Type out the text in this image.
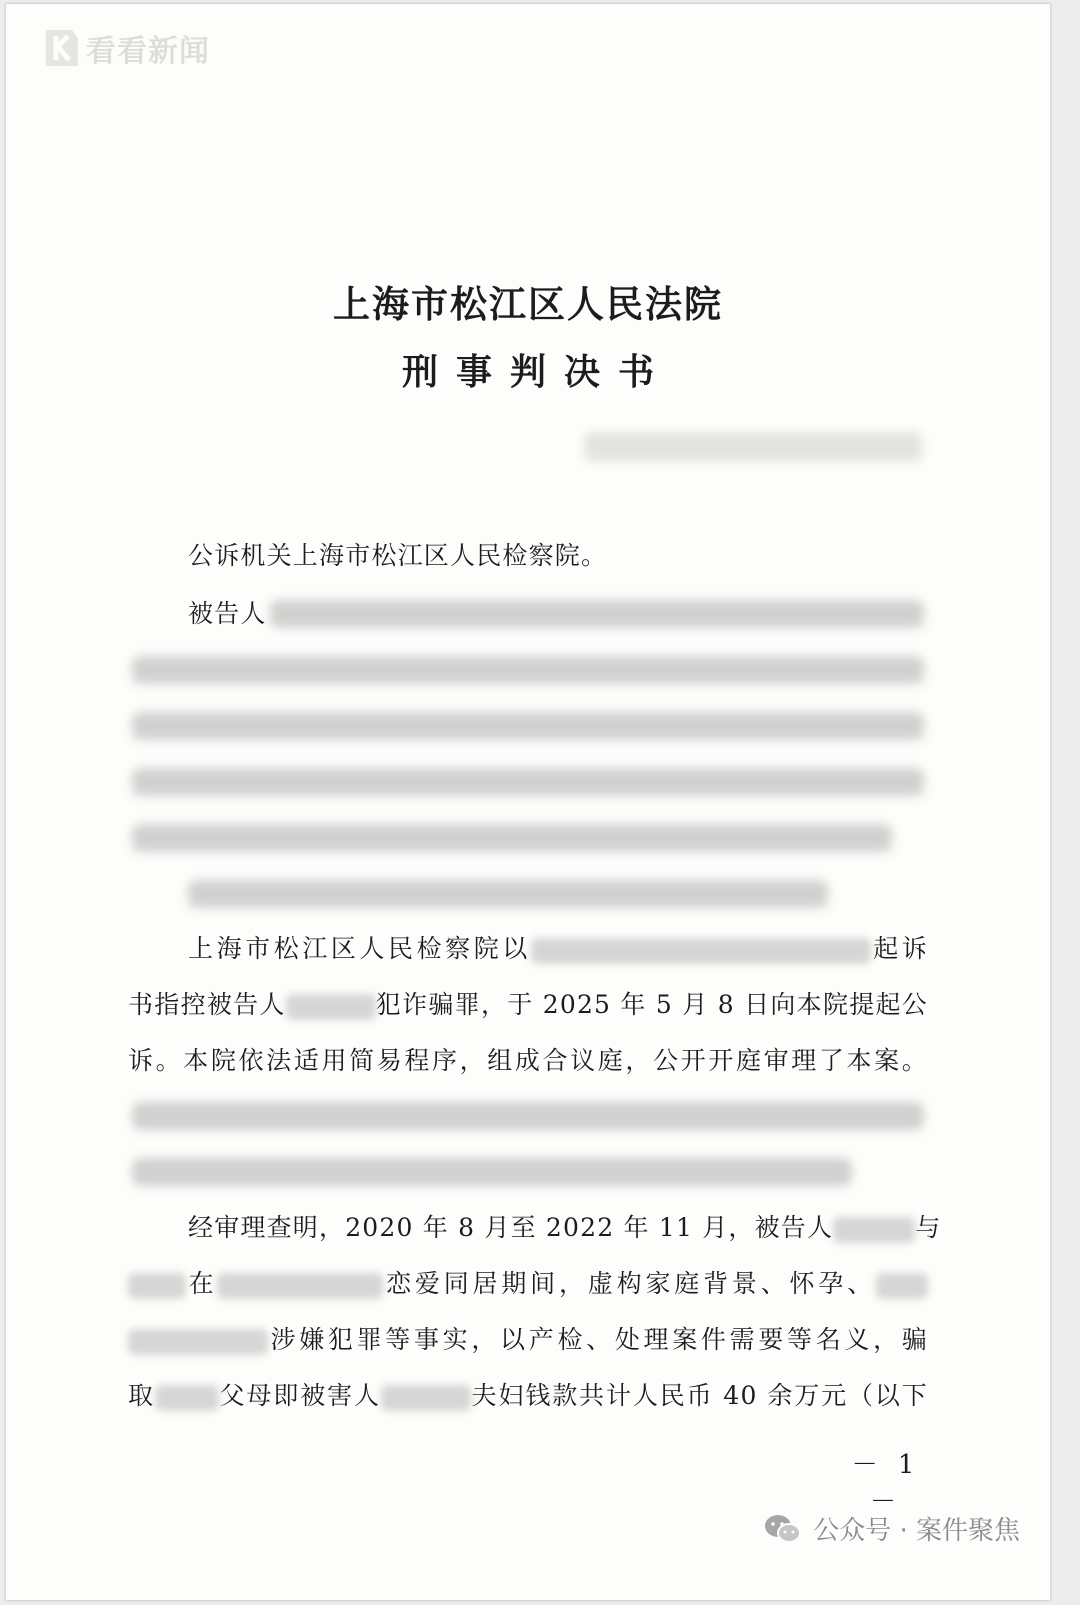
看看新闻
上海市松江区人民法院
刑事判决书
公诉机关上海市松江区人民检察院。
被告人
上海市松江区人民检察院以	起诉
书指控被告人	犯诈骗罪，于 2025 年 5 月 8 日向本院提起公
诉。本院依法适用简易程序，组成合议庭，公开开庭审理了本案。
经审理查明，2020 年 8 月至 2022 年 11 月，被告人	与
在	恋爱同居期间，虚构家庭背景、怀孕、
涉嫌犯罪等事实，以产检、处理案件需要等名义，骗
取	父母即被害人	夫妇钱款共计人民币 40 余万元（以下
－ 1 －
公众号 · 案件聚焦
